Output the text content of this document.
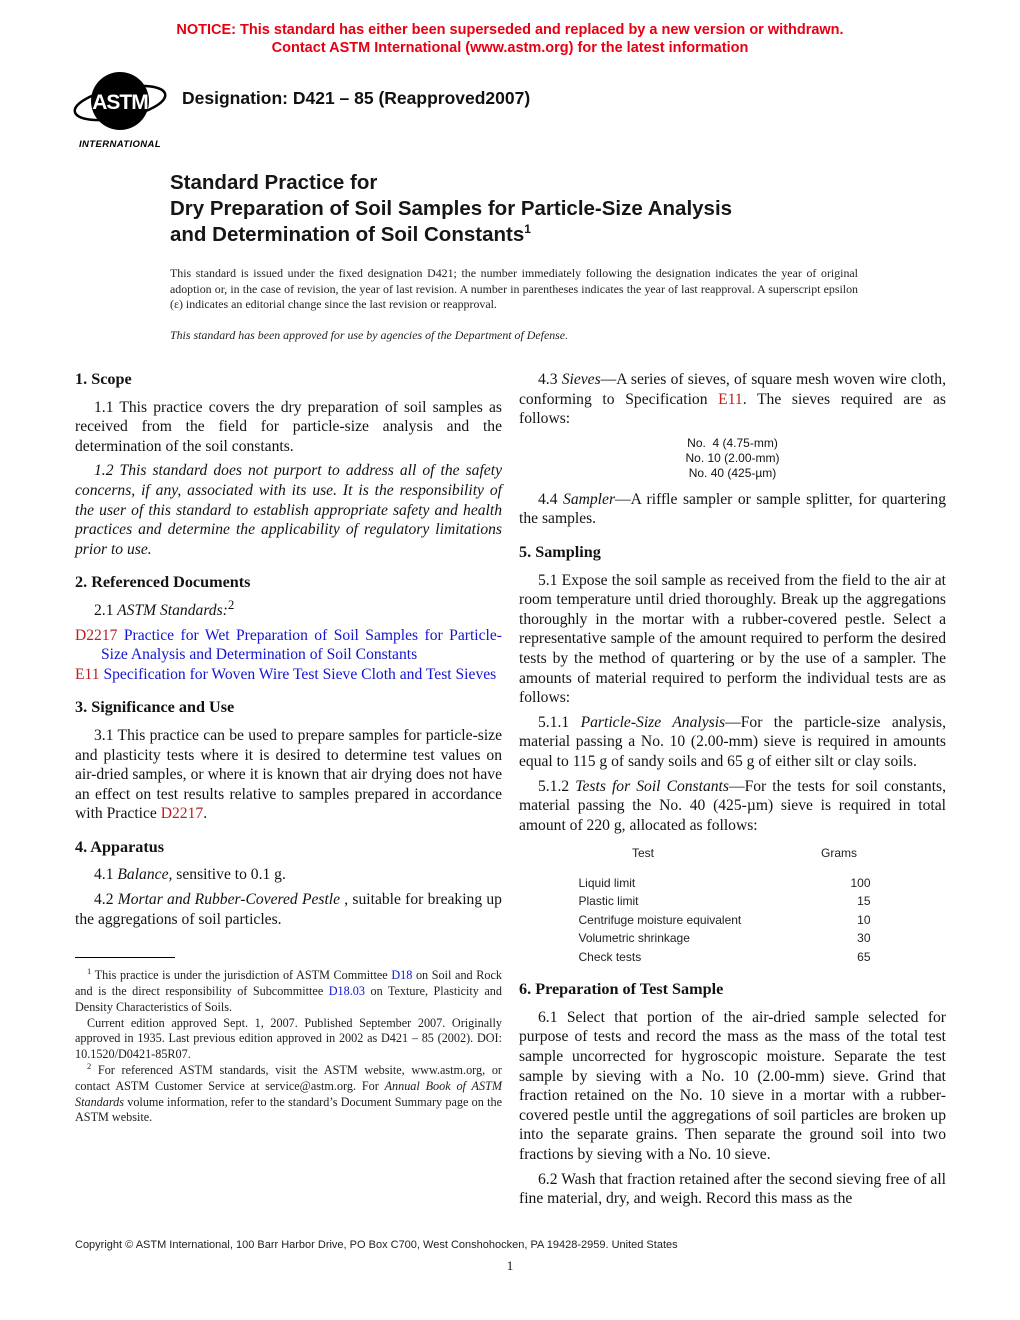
NOTICE: This standard has either been superseded and replaced by a new version or withdrawn.
Contact ASTM International (www.astm.org) for the latest information
ASTM
INTERNATIONAL
Designation: D421 – 85 (Reapproved2007)
Standard Practice for
Dry Preparation of Soil Samples for Particle-Size Analysis
and Determination of Soil Constants$^1$
This standard is issued under the fixed designation D421; the number immediately following the designation indicates the year of original adoption or, in the case of revision, the year of last revision. A number in parentheses indicates the year of last reapproval. A superscript epsilon (ε) indicates an editorial change since the last revision or reapproval.
This standard has been approved for use by agencies of the Department of Defense.
1. Scope

1.1 This practice covers the dry preparation of soil samples as received from the field for particle-size analysis and the determination of the soil constants.

1.2 This standard does not purport to address all of the safety concerns, if any, associated with its use. It is the responsibility of the user of this standard to establish appropriate safety and health practices and determine the applicability of regulatory limitations prior to use.

2. Referenced Documents

2.1 ASTM Standards:$^2$

D2217 Practice for Wet Preparation of Soil Samples for Particle-Size Analysis and Determination of Soil Constants

E11 Specification for Woven Wire Test Sieve Cloth and Test Sieves

3. Significance and Use

3.1 This practice can be used to prepare samples for particle-size and plasticity tests where it is desired to determine test values on air-dried samples, or where it is known that air drying does not have an effect on test results relative to samples prepared in accordance with Practice D2217.

4. Apparatus

4.1 Balance, sensitive to 0.1 g.

4.2 Mortar and Rubber-Covered Pestle , suitable for breaking up the aggregations of soil particles.

$^1$ This practice is under the jurisdiction of ASTM Committee D18 on Soil and Rock and is the direct responsibility of Subcommittee D18.03 on Texture, Plasticity and Density Characteristics of Soils.

Current edition approved Sept. 1, 2007. Published September 2007. Originally approved in 1935. Last previous edition approved in 2002 as D421 – 85 (2002). DOI: 10.1520/D0421-85R07.

$^2$ For referenced ASTM standards, visit the ASTM website, www.astm.org, or contact ASTM Customer Service at service@astm.org. For Annual Book of ASTM Standards volume information, refer to the standard’s Document Summary page on the ASTM website.

4.3 Sieves—A series of sieves, of square mesh woven wire cloth, conforming to Specification E11. The sieves required are as follows:

No.  4 (4.75-mm)
No. 10 (2.00-mm)
No. 40 (425-µm)

4.4 Sampler—A riffle sampler or sample splitter, for quartering the samples.

5. Sampling

5.1 Expose the soil sample as received from the field to the air at room temperature until dried thoroughly. Break up the aggregations thoroughly in the mortar with a rubber-covered pestle. Select a representative sample of the amount required to perform the desired tests by the method of quartering or by the use of a sampler. The amounts of material required to perform the individual tests are as follows:

5.1.1 Particle-Size Analysis—For the particle-size analysis, material passing a No. 10 (2.00-mm) sieve is required in amounts equal to 115 g of sandy soils and 65 g of either silt or clay soils.

5.1.2 Tests for Soil Constants—For the tests for soil constants, material passing the No. 40 (425-µm) sieve is required in total amount of 220 g, allocated as follows:

Test	Grams
Liquid limit	100
Plastic limit	15
Centrifuge moisture equivalent	10
Volumetric shrinkage	30
Check tests	65
6. Preparation of Test Sample

6.1 Select that portion of the air-dried sample selected for purpose of tests and record the mass as the mass of the total test sample uncorrected for hygroscopic moisture. Separate the test sample by sieving with a No. 10 (2.00-mm) sieve. Grind that fraction retained on the No. 10 sieve in a mortar with a rubber-covered pestle until the aggregations of soil particles are broken up into the separate grains. Then separate the ground soil into two fractions by sieving with a No. 10 sieve.

6.2 Wash that fraction retained after the second sieving free of all fine material, dry, and weigh. Record this mass as the

Copyright © ASTM International, 100 Barr Harbor Drive, PO Box C700, West Conshohocken, PA 19428-2959. United States
1
